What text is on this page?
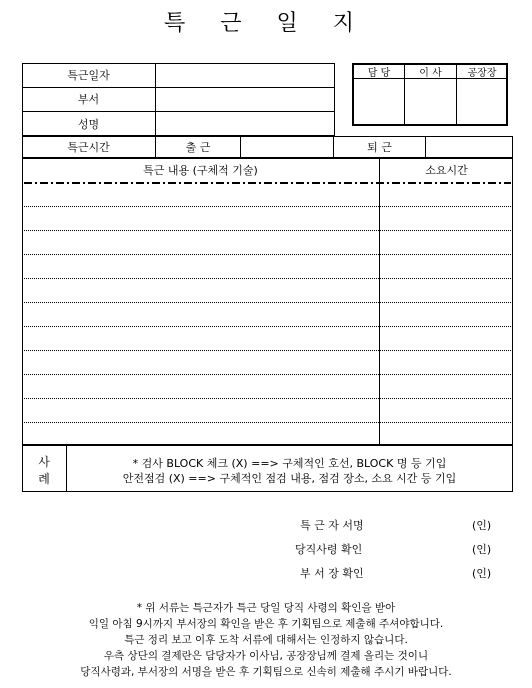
특 근 일 지
특근일자
부서
성명
담 당	이 사	공장장
특근시간	출 근	퇴 근
특근 내용 (구체적 기술)	소요시간
사
례
* 검사 BLOCK 체크 (X) ==> 구체적인 호선, BLOCK 명 등 기입
안전점검 (X) ==> 구체적인 점검 내용, 점검 장소, 소요 시간 등 기입
특 근 자 서명	(인)
당직사령 확인	(인)
부 서 장 확인	(인)
* 위 서류는 특근자가 특근 당일 당직 사령의 확인을 받아
익일 아침 9시까지 부서장의 확인을 받은 후 기획팀으로 제출해 주셔야합니다.
특근 정리 보고 이후 도착 서류에 대해서는 인정하지 않습니다.
우측 상단의 결제란은 담당자가 이사님, 공장장님께 결제 올리는 것이니
당직사령과, 부서장의 서명을 받은 후 기획팀으로 신속히 제출해 주시기 바랍니다.
